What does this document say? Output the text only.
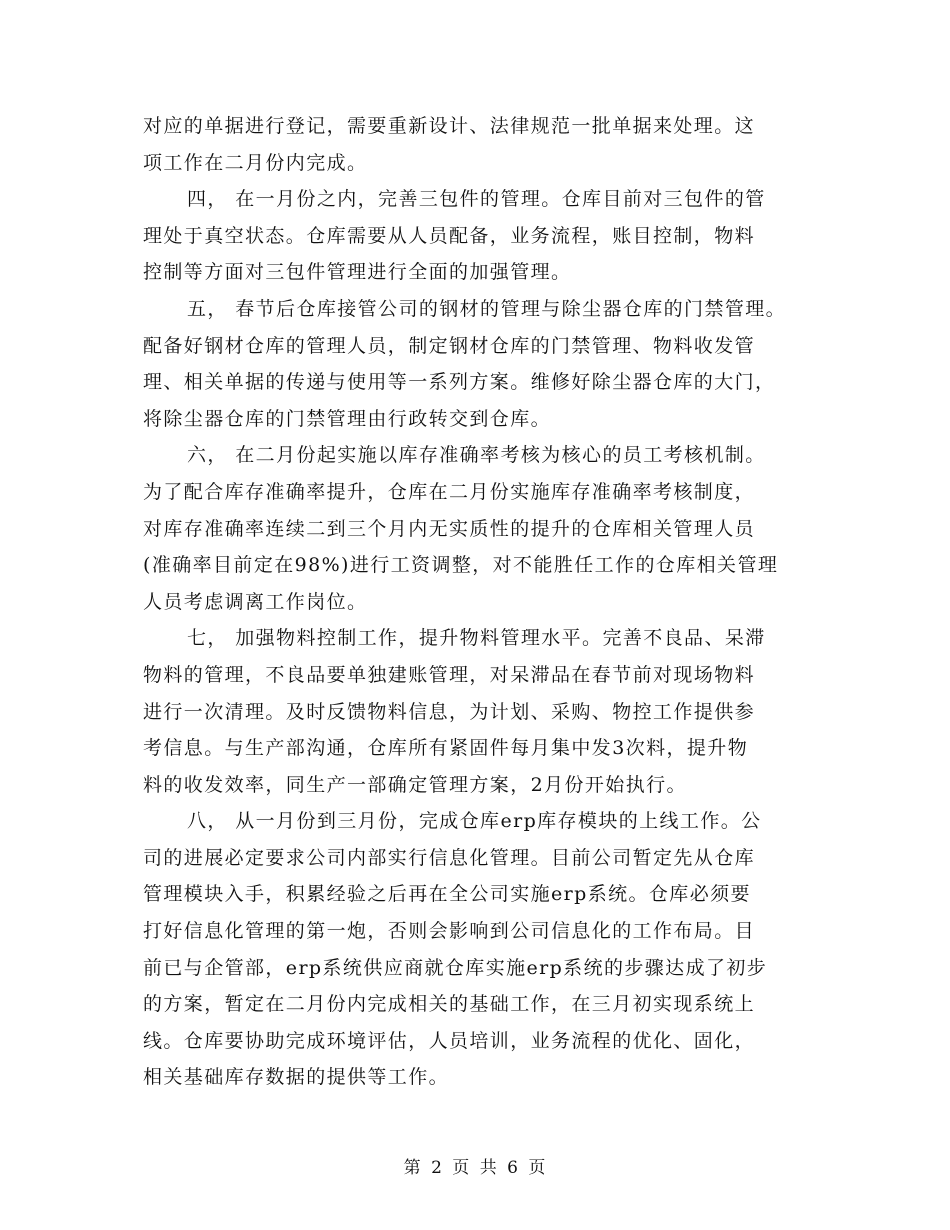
对应的单据进行登记，需要重新设计、法律规范一批单据来处理。这
项工作在二月份内完成。
四， 在一月份之内，完善三包件的管理。仓库目前对三包件的管
理处于真空状态。仓库需要从人员配备，业务流程，账目控制，物料
控制等方面对三包件管理进行全面的加强管理。
五， 春节后仓库接管公司的钢材的管理与除尘器仓库的门禁管理。
配备好钢材仓库的管理人员，制定钢材仓库的门禁管理、物料收发管
理、相关单据的传递与使用等一系列方案。维修好除尘器仓库的大门，
将除尘器仓库的门禁管理由行政转交到仓库。
六， 在二月份起实施以库存准确率考核为核心的员工考核机制。
为了配合库存准确率提升，仓库在二月份实施库存准确率考核制度，
对库存准确率连续二到三个月内无实质性的提升的仓库相关管理人员
(准确率目前定在98%)进行工资调整，对不能胜任工作的仓库相关管理
人员考虑调离工作岗位。
七， 加强物料控制工作，提升物料管理水平。完善不良品、呆滞
物料的管理，不良品要单独建账管理，对呆滞品在春节前对现场物料
进行一次清理。及时反馈物料信息，为计划、采购、物控工作提供参
考信息。与生产部沟通，仓库所有紧固件每月集中发3次料，提升物
料的收发效率，同生产一部确定管理方案，2月份开始执行。
八， 从一月份到三月份，完成仓库erp库存模块的上线工作。公
司的进展必定要求公司内部实行信息化管理。目前公司暂定先从仓库
管理模块入手，积累经验之后再在全公司实施erp系统。仓库必须要
打好信息化管理的第一炮，否则会影响到公司信息化的工作布局。目
前已与企管部，erp系统供应商就仓库实施erp系统的步骤达成了初步
的方案，暂定在二月份内完成相关的基础工作，在三月初实现系统上
线。仓库要协助完成环境评估，人员培训，业务流程的优化、固化，
相关基础库存数据的提供等工作。
第 2 页 共 6 页
